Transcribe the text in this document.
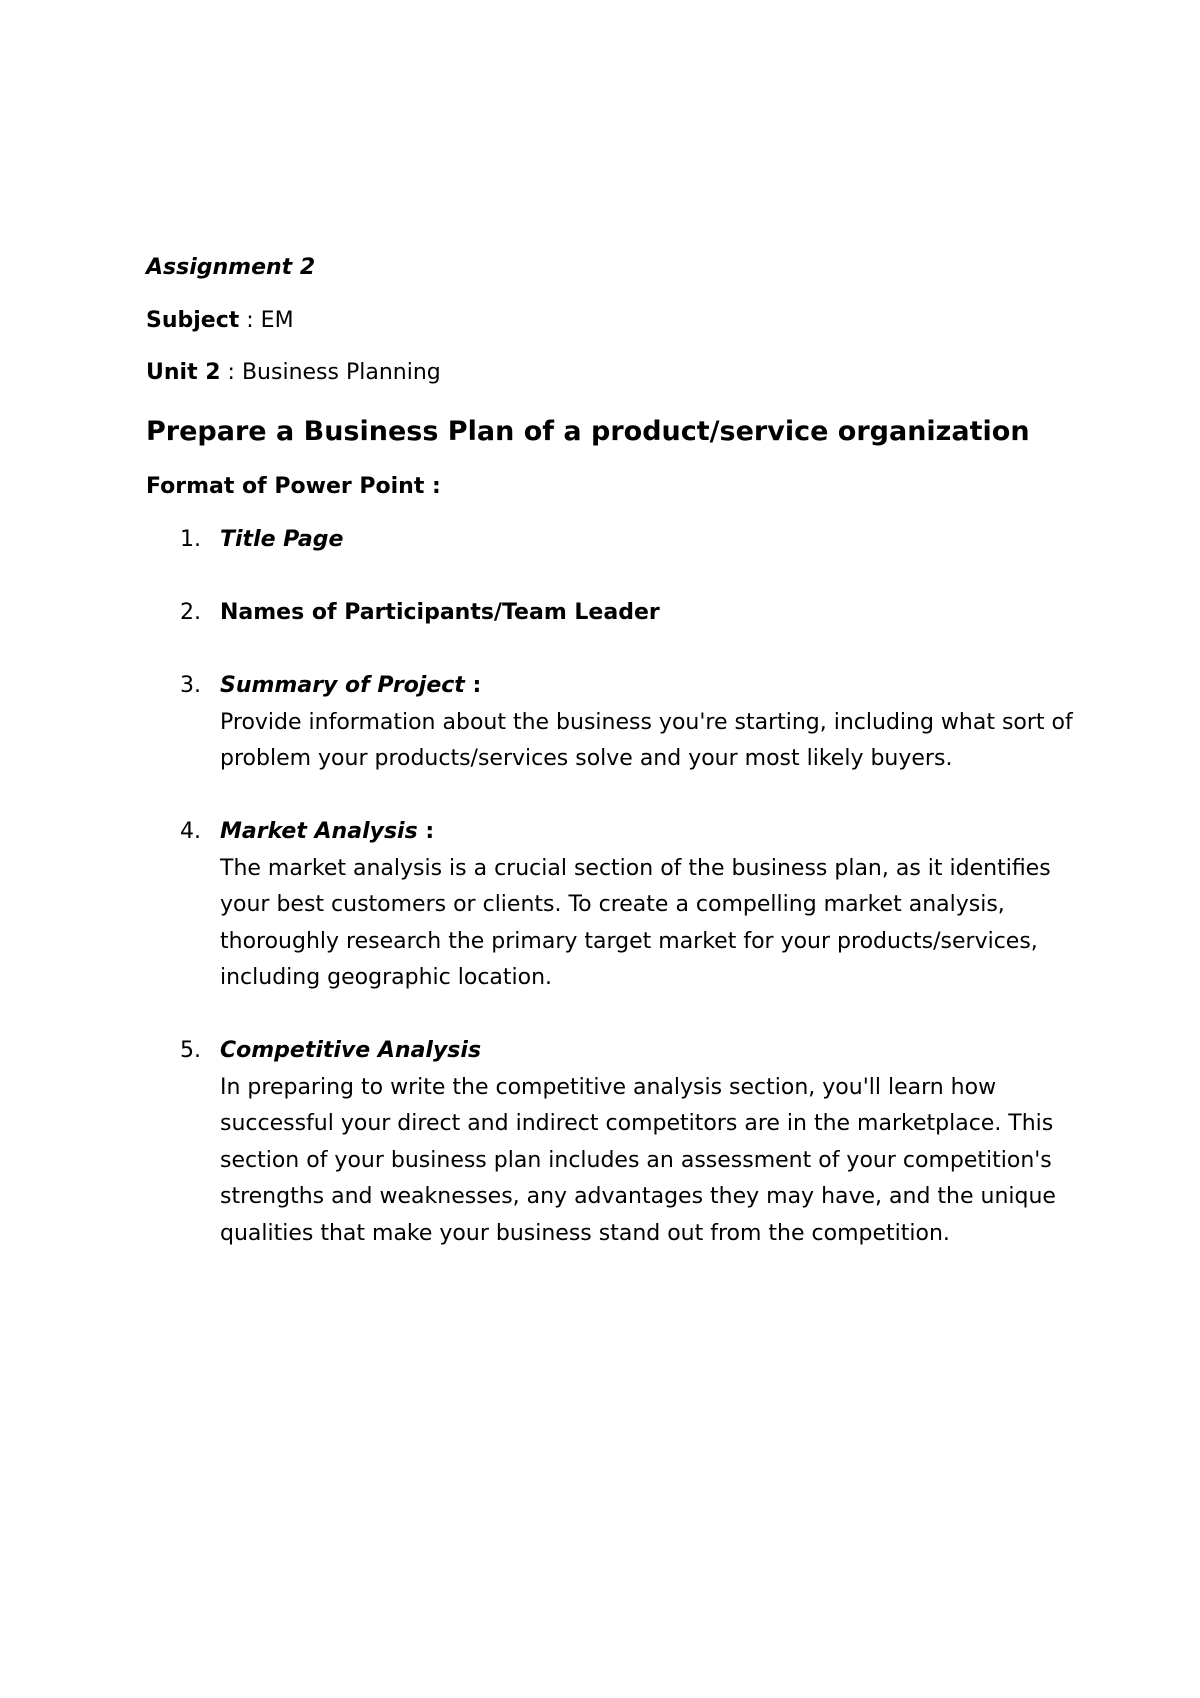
Assignment 2
Subject : EM
Unit 2 : Business Planning
Prepare a Business Plan of a product/service organization
Format of Power Point :
1. Title Page
2. Names of Participants/Team Leader
3. Summary of Project :
Provide information about the business you're starting, including what sort of problem your products/services solve and your most likely buyers.
4. Market Analysis :
The market analysis is a crucial section of the business plan, as it identifies your best customers or clients. To create a compelling market analysis, thoroughly research the primary target market for your products/services, including geographic location.
5. Competitive Analysis
In preparing to write the competitive analysis section, you'll learn how successful your direct and indirect competitors are in the marketplace. This section of your business plan includes an assessment of your competition's strengths and weaknesses, any advantages they may have, and the unique qualities that make your business stand out from the competition.
